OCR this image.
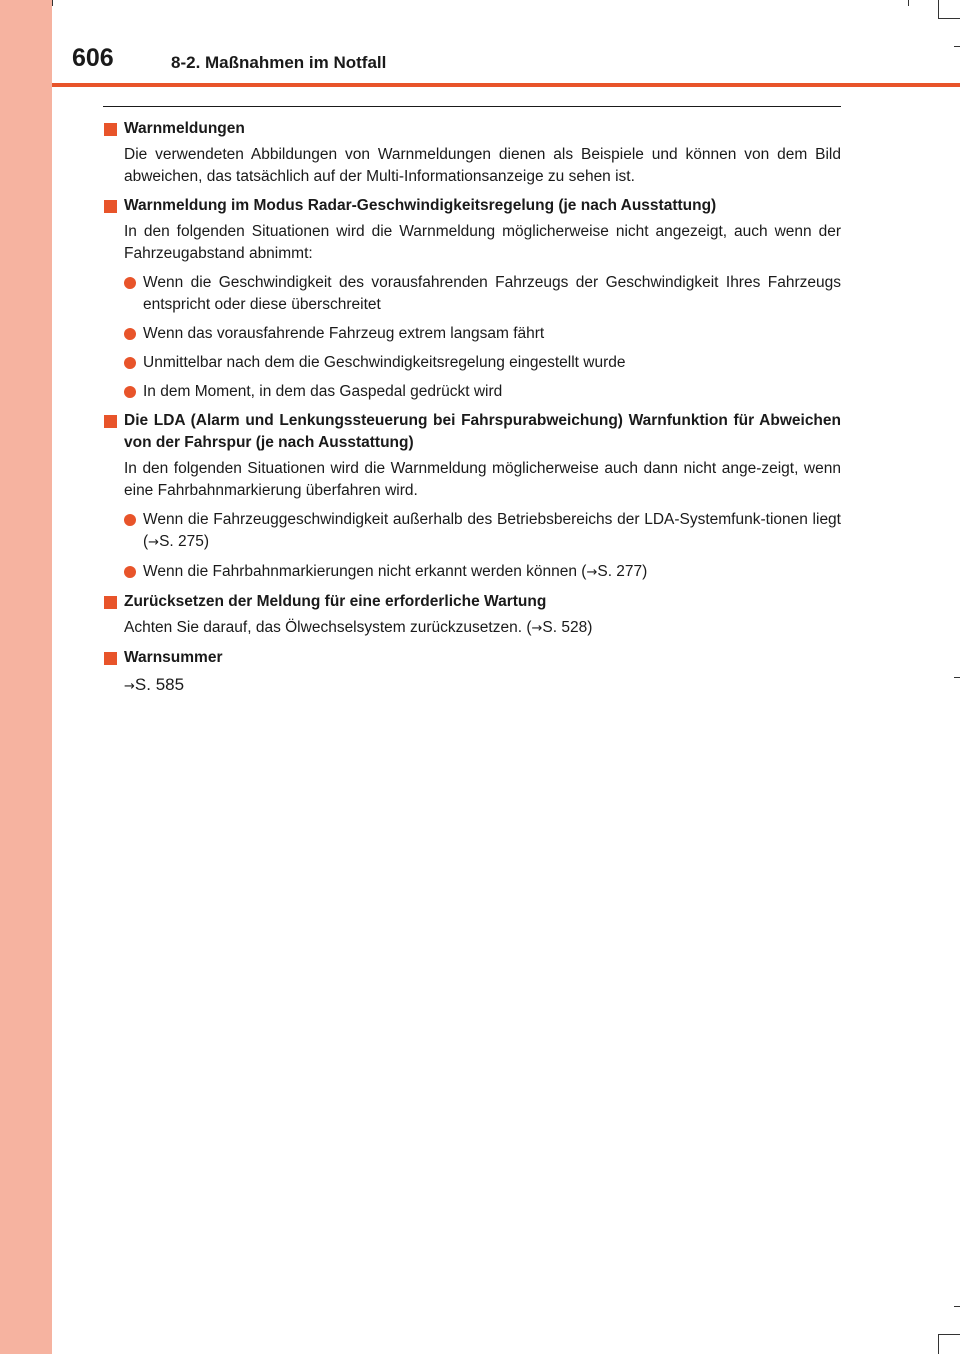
606	8-2. Maßnahmen im Notfall
Warnmeldungen
Die verwendeten Abbildungen von Warnmeldungen dienen als Beispiele und können von dem Bild abweichen, das tatsächlich auf der Multi-Informationsanzeige zu sehen ist.
Warnmeldung im Modus Radar-Geschwindigkeitsregelung (je nach Ausstattung)
In den folgenden Situationen wird die Warnmeldung möglicherweise nicht angezeigt, auch wenn der Fahrzeugabstand abnimmt:
Wenn die Geschwindigkeit des vorausfahrenden Fahrzeugs der Geschwindigkeit Ihres Fahrzeugs entspricht oder diese überschreitet
Wenn das vorausfahrende Fahrzeug extrem langsam fährt
Unmittelbar nach dem die Geschwindigkeitsregelung eingestellt wurde
In dem Moment, in dem das Gaspedal gedrückt wird
Die LDA (Alarm und Lenkungssteuerung bei Fahrspurabweichung) Warnfunktion für Abweichen von der Fahrspur (je nach Ausstattung)
In den folgenden Situationen wird die Warnmeldung möglicherweise auch dann nicht ange-zeigt, wenn eine Fahrbahnmarkierung überfahren wird.
Wenn die Fahrzeuggeschwindigkeit außerhalb des Betriebsbereichs der LDA-Systemfunk-tionen liegt (→S. 275)
Wenn die Fahrbahnmarkierungen nicht erkannt werden können (→S. 277)
Zurücksetzen der Meldung für eine erforderliche Wartung
Achten Sie darauf, das Ölwechselsystem zurückzusetzen. (→S. 528)
Warnsummer
→S. 585
